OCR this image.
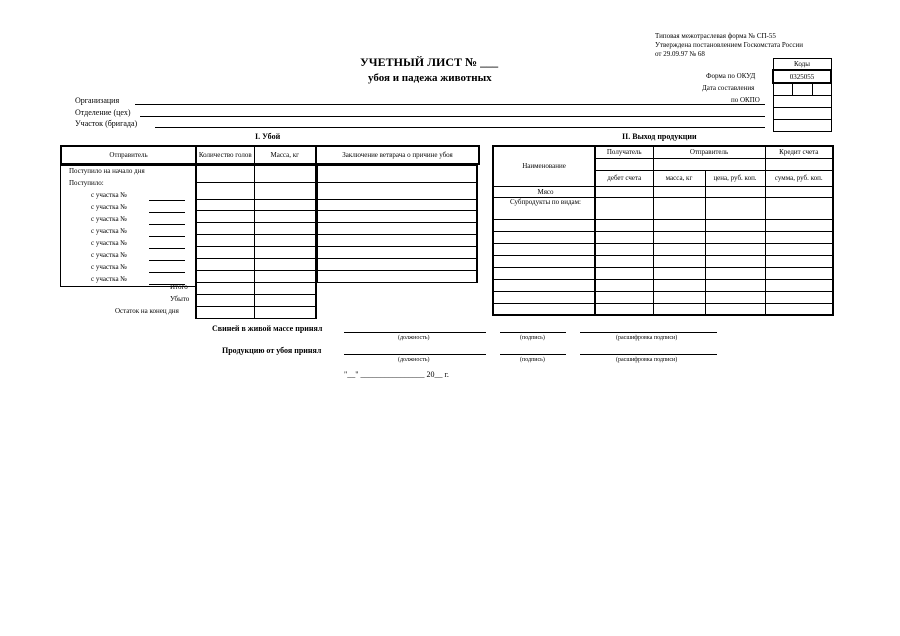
Типовая межотраслевая форма № СП-55
Утверждена постановлением Госкомстата России
от 29.09.97 № 68
УЧЕТНЫЙ ЛИСТ № ___
убоя и падежа животных	Форма по ОКУД
Дата составления
по ОКПО
Коды
0325055

Организация
Отделение (цех)
Участок (бригада)
I. Убой	II. Выход продукции
Отправитель	Количество голов	Масса, кг	Заключение ветврача о причине убоя
Поступило на начало дня
Поступило:
с участка №
с участка №
с участка №
с участка №
с участка №
с участка №
с участка №
с участка №

Итого
Убыто
Остаток на конец дня
Наименование	Получатель	Отправитель		Кредит счета

	дебет счета	масса, кг	цена, руб. коп.	сумма, руб. коп.
Мясо				
Субпродукты по видам:				

Свиней в живой массе принял
(должность)	(подпись)	(расшифровка подписи)
Продукцию от убоя принял
(должность)	(подпись)	(расшифровка подписи)
"__" ________________ 20__ г.
